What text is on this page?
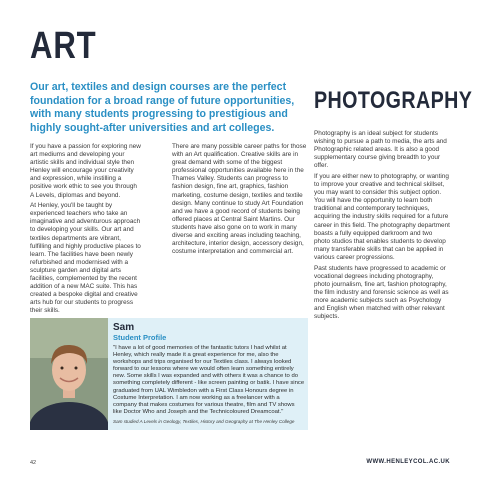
ART
Our art, textiles and design courses are the perfect foundation for a broad range of future opportunities, with many students progressing to prestigious and highly sought-after universities and art colleges.

If you have a passion for exploring new art mediums and developing your artistic skills and individual style then Henley will encourage your creativity and expression, while instilling a positive work ethic to see you through A Levels, diplomas and beyond.

At Henley, you'll be taught by experienced teachers who take an imaginative and adventurous approach to developing your skills. Our art and textiles departments are vibrant, fulfilling and highly productive places to learn. The facilities have been newly refurbished and modernised with a sculpture garden and digital arts facilities, complemented by the recent addition of a new MAC suite. This has created a bespoke digital and creative arts hub for our students to progress their skills.

There are many possible career paths for those with an Art qualification. Creative skills are in great demand with some of the biggest professional opportunities available here in the Thames Valley. Students can progress to fashion design, fine art, graphics, fashion marketing, costume design, textiles and textile design. Many continue to study Art Foundation and we have a good record of students being offered places at Central Saint Martins. Our students have also gone on to work in many diverse and exciting areas including teaching, architecture, interior design, accessory design, costume interpretation and commercial art.

PHOTOGRAPHY

Photography is an ideal subject for students wishing to pursue a path to media, the arts and Photographic related areas. It is also a good supplementary course giving breadth to your offer.

If you are either new to photography, or wanting to improve your creative and technical skillset, you may want to consider this subject option. You will have the opportunity to learn both traditional and contemporary techniques, acquiring the industry skills required for a future career in this field. The photography department boasts a fully equipped darkroom and two photo studios that enables students to develop many transferable skills that can be applied in various career progressions.

Past students have progressed to academic or vocational degrees including photography, photo journalism, fine art, fashion photography, the film industry and forensic science as well as more academic subjects such as Psychology and English when matched with other relevant subjects.

Sam
Student Profile
"I have a lot of good memories of the fantastic tutors I had whilst at Henley, which really made it a great experience for me, also the workshops and trips organised for our Textiles class. I always looked forward to our lessons where we would often learn something entirely new. Some skills I was expanded and with others it was a chance to do something completely different - like screen painting or batik. I have since graduated from UAL Wimbledon with a First Class Honours degree in Costume Interpretation. I am now working as a freelancer with a company that makes costumes for various theatre, film and TV shows like Doctor Who and Joseph and the Technicoloured Dreamcoat."
Sam studied A Levels in Geology, Textiles, History and Geography at The Henley College
42	WWW.HENLEYCOL.AC.UK
